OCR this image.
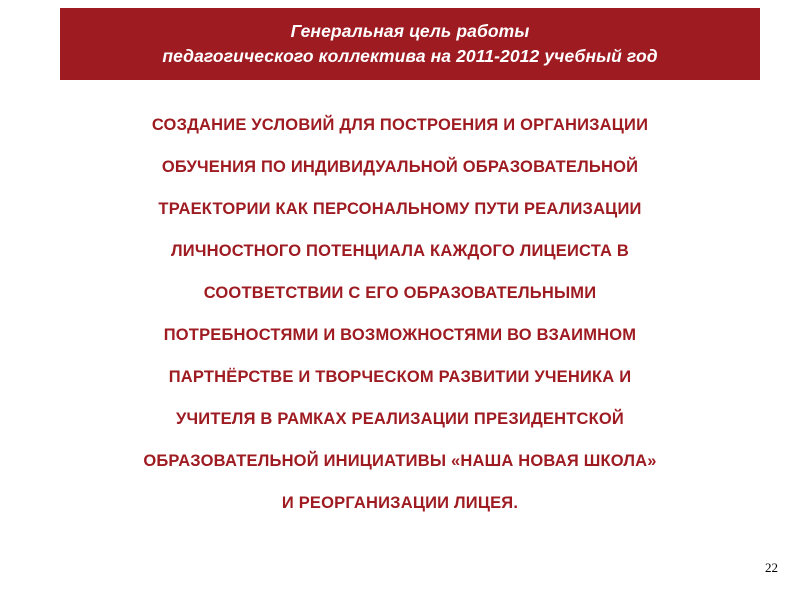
Генеральная цель работы
педагогического коллектива на 2011-2012 учебный год
СОЗДАНИЕ УСЛОВИЙ ДЛЯ ПОСТРОЕНИЯ И ОРГАНИЗАЦИИ
ОБУЧЕНИЯ ПО ИНДИВИДУАЛЬНОЙ ОБРАЗОВАТЕЛЬНОЙ
ТРАЕКТОРИИ КАК ПЕРСОНАЛЬНОМУ ПУТИ РЕАЛИЗАЦИИ
ЛИЧНОСТНОГО ПОТЕНЦИАЛА КАЖДОГО ЛИЦЕИСТА В
СООТВЕТСТВИИ С ЕГО ОБРАЗОВАТЕЛЬНЫМИ
ПОТРЕБНОСТЯМИ И ВОЗМОЖНОСТЯМИ ВО ВЗАИМНОМ
ПАРТНЁРСТВЕ И ТВОРЧЕСКОМ РАЗВИТИИ УЧЕНИКА И
УЧИТЕЛЯ В РАМКАХ РЕАЛИЗАЦИИ ПРЕЗИДЕНТСКОЙ
ОБРАЗОВАТЕЛЬНОЙ ИНИЦИАТИВЫ «НАША НОВАЯ ШКОЛА»
И РЕОРГАНИЗАЦИИ ЛИЦЕЯ.
22
